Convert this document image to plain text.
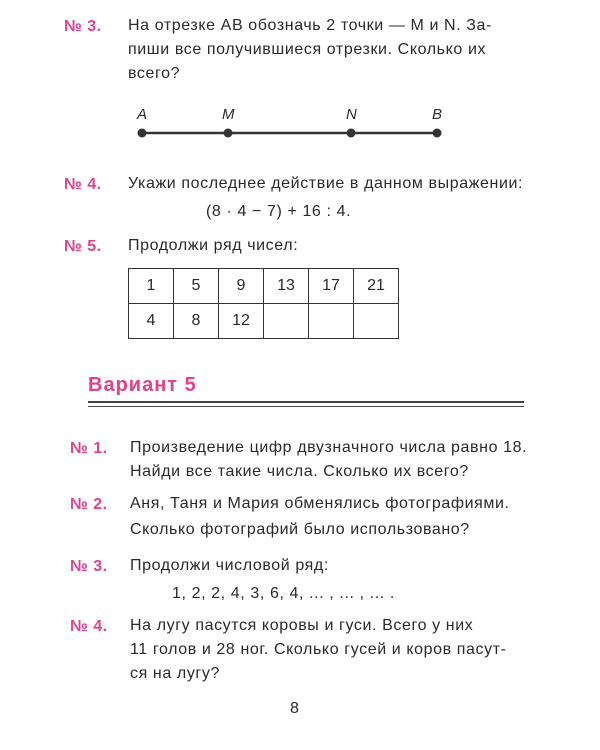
№ 3. На отрезке AB обозначь 2 точки — M и N. За-
пиши все получившиеся отрезки. Сколько их
всего?
A	M	N	B
№ 4. Укажи последнее действие в данном выражении:
(8 · 4 − 7) + 16 : 4.
№ 5. Продолжи ряд чисел:
1	5	9	13	17	21
4	8	12			
Вариант 5
№ 1. Произведение цифр двузначного числа равно 18.
Найди все такие числа. Сколько их всего?
№ 2. Аня, Таня и Мария обменялись фотографиями.
Сколько фотографий было использовано?
№ 3. Продолжи числовой ряд:
1, 2, 2, 4, 3, 6, 4, ... , ... , ... .
№ 4. На лугу пасутся коровы и гуси. Всего у них
11 голов и 28 ног. Сколько гусей и коров пасут-
ся на лугу?
8
